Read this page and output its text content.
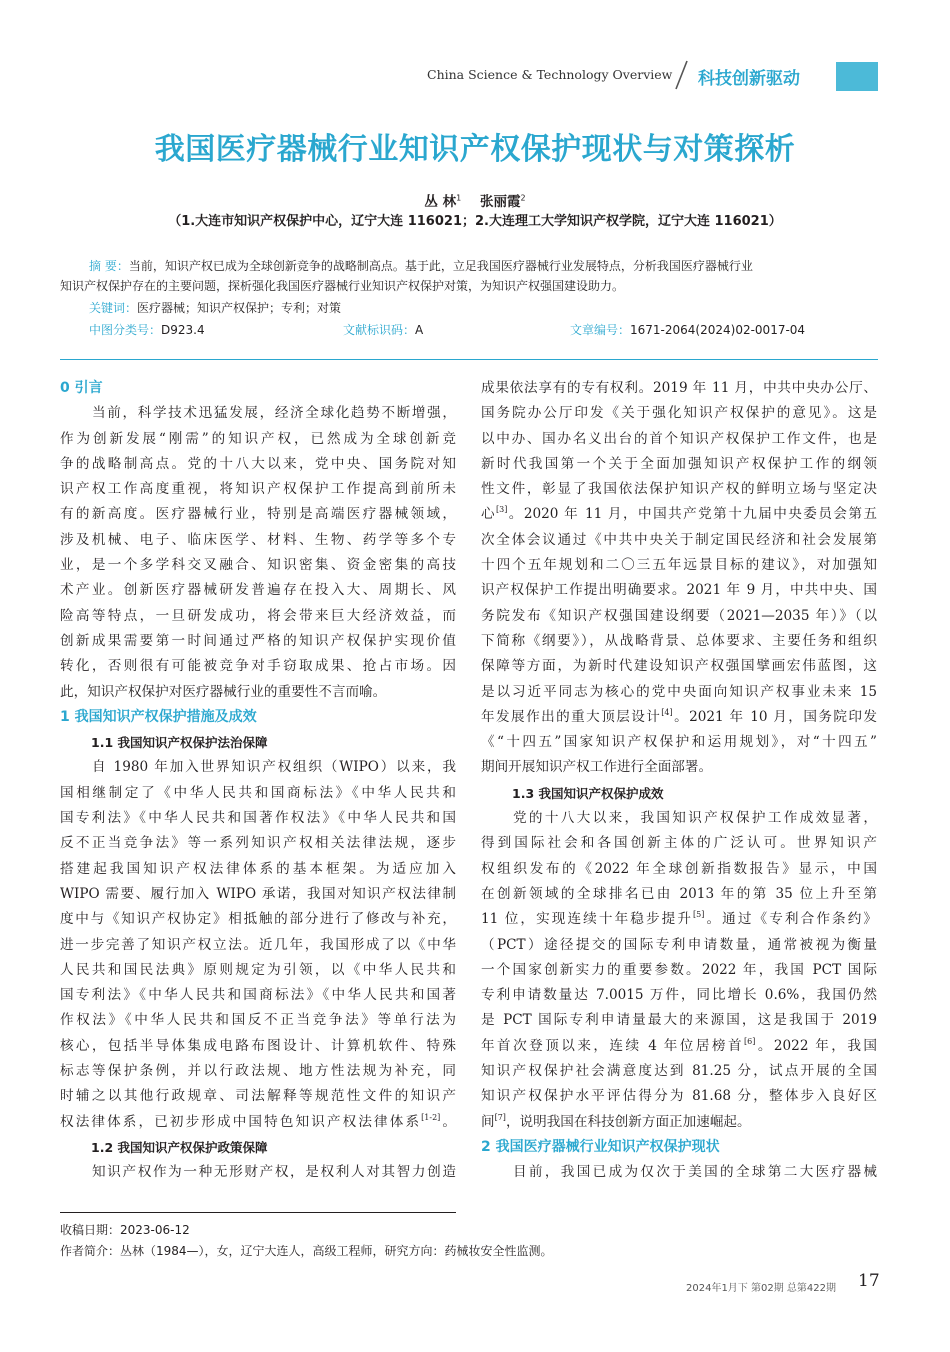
China Science & Technology Overview 科技创新驱动
我国医疗器械行业知识产权保护现状与对策探析
丛 林$^1$ 张丽霞$^2$
（1.大连市知识产权保护中心，辽宁大连 116021；2.大连理工大学知识产权学院，辽宁大连 116021）
摘 要：当前，知识产权已成为全球创新竞争的战略制高点。基于此，立足我国医疗器械行业发展特点，分析我国医疗器械行业
知识产权保护存在的主要问题，探析强化我国医疗器械行业知识产权保护对策，为知识产权强国建设助力。
关键词：医疗器械；知识产权保护；专利；对策
中图分类号：D923.4	文献标识码：A	文章编号：1671-2064(2024)02-0017-04
0 引言
当前，科学技术迅猛发展，经济全球化趋势不断增强，
作为创新发展“刚需”的知识产权，已然成为全球创新竞
争的战略制高点。党的十八大以来，党中央、国务院对知
识产权工作高度重视，将知识产权保护工作提高到前所未
有的新高度。医疗器械行业，特别是高端医疗器械领域，
涉及机械、电子、临床医学、材料、生物、药学等多个专
业，是一个多学科交叉融合、知识密集、资金密集的高技
术产业。创新医疗器械研发普遍存在投入大、周期长、风
险高等特点，一旦研发成功，将会带来巨大经济效益，而
创新成果需要第一时间通过严格的知识产权保护实现价值
转化，否则很有可能被竞争对手窃取成果、抢占市场。因
此，知识产权保护对医疗器械行业的重要性不言而喻。
1 我国知识产权保护措施及成效
1.1 我国知识产权保护法治保障
自 1980 年加入世界知识产权组织（WIPO）以来，我
国相继制定了《中华人民共和国商标法》《中华人民共和
国专利法》《中华人民共和国著作权法》《中华人民共和国
反不正当竞争法》等一系列知识产权相关法律法规，逐步
搭建起我国知识产权法律体系的基本框架。为适应加入
WIPO 需要、履行加入 WIPO 承诺，我国对知识产权法律制
度中与《知识产权协定》相抵触的部分进行了修改与补充，
进一步完善了知识产权立法。近几年，我国形成了以《中华
人民共和国民法典》原则规定为引领，以《中华人民共和
国专利法》《中华人民共和国商标法》《中华人民共和国著
作权法》《中华人民共和国反不正当竞争法》等单行法为
核心，包括半导体集成电路布图设计、计算机软件、特殊
标志等保护条例，并以行政法规、地方性法规为补充，同
时辅之以其他行政规章、司法解释等规范性文件的知识产
权法律体系，已初步形成中国特色知识产权法律体系[1-2]。
1.2 我国知识产权保护政策保障
知识产权作为一种无形财产权，是权利人对其智力创造
成果依法享有的专有权利。2019 年 11 月，中共中央办公厅、
国务院办公厅印发《关于强化知识产权保护的意见》。这是
以中办、国办名义出台的首个知识产权保护工作文件，也是
新时代我国第一个关于全面加强知识产权保护工作的纲领
性文件，彰显了我国依法保护知识产权的鲜明立场与坚定决
心[3]。2020 年 11 月，中国共产党第十九届中央委员会第五
次全体会议通过《中共中央关于制定国民经济和社会发展第
十四个五年规划和二〇三五年远景目标的建议》，对加强知
识产权保护工作提出明确要求。2021 年 9 月，中共中央、国
务院发布《知识产权强国建设纲要（2021—2035 年）》（以
下简称《纲要》），从战略背景、总体要求、主要任务和组织
保障等方面，为新时代建设知识产权强国擘画宏伟蓝图，这
是以习近平同志为核心的党中央面向知识产权事业未来 15
年发展作出的重大顶层设计[4]。2021 年 10 月，国务院印发
《“十四五”国家知识产权保护和运用规划》，对“十四五”
期间开展知识产权工作进行全面部署。
1.3 我国知识产权保护成效
党的十八大以来，我国知识产权保护工作成效显著，
得到国际社会和各国创新主体的广泛认可。世界知识产
权组织发布的《2022 年全球创新指数报告》显示，中国
在创新领域的全球排名已由 2013 年的第 35 位上升至第
11 位，实现连续十年稳步提升[5]。通过《专利合作条约》
（PCT）途径提交的国际专利申请数量，通常被视为衡量
一个国家创新实力的重要参数。2022 年，我国 PCT 国际
专利申请数量达 7.0015 万件，同比增长 0.6%，我国仍然
是 PCT 国际专利申请量最大的来源国，这是我国于 2019
年首次登顶以来，连续 4 年位居榜首[6]。2022 年，我国
知识产权保护社会满意度达到 81.25 分，试点开展的全国
知识产权保护水平评估得分为 81.68 分，整体步入良好区
间[7]，说明我国在科技创新方面正加速崛起。
2 我国医疗器械行业知识产权保护现状
目前，我国已成为仅次于美国的全球第二大医疗器械
收稿日期：2023-06-12
作者简介：丛林（1984—），女，辽宁大连人，高级工程师，研究方向：药械妆安全性监测。
2024年1月下 第02期 总第422期 17
